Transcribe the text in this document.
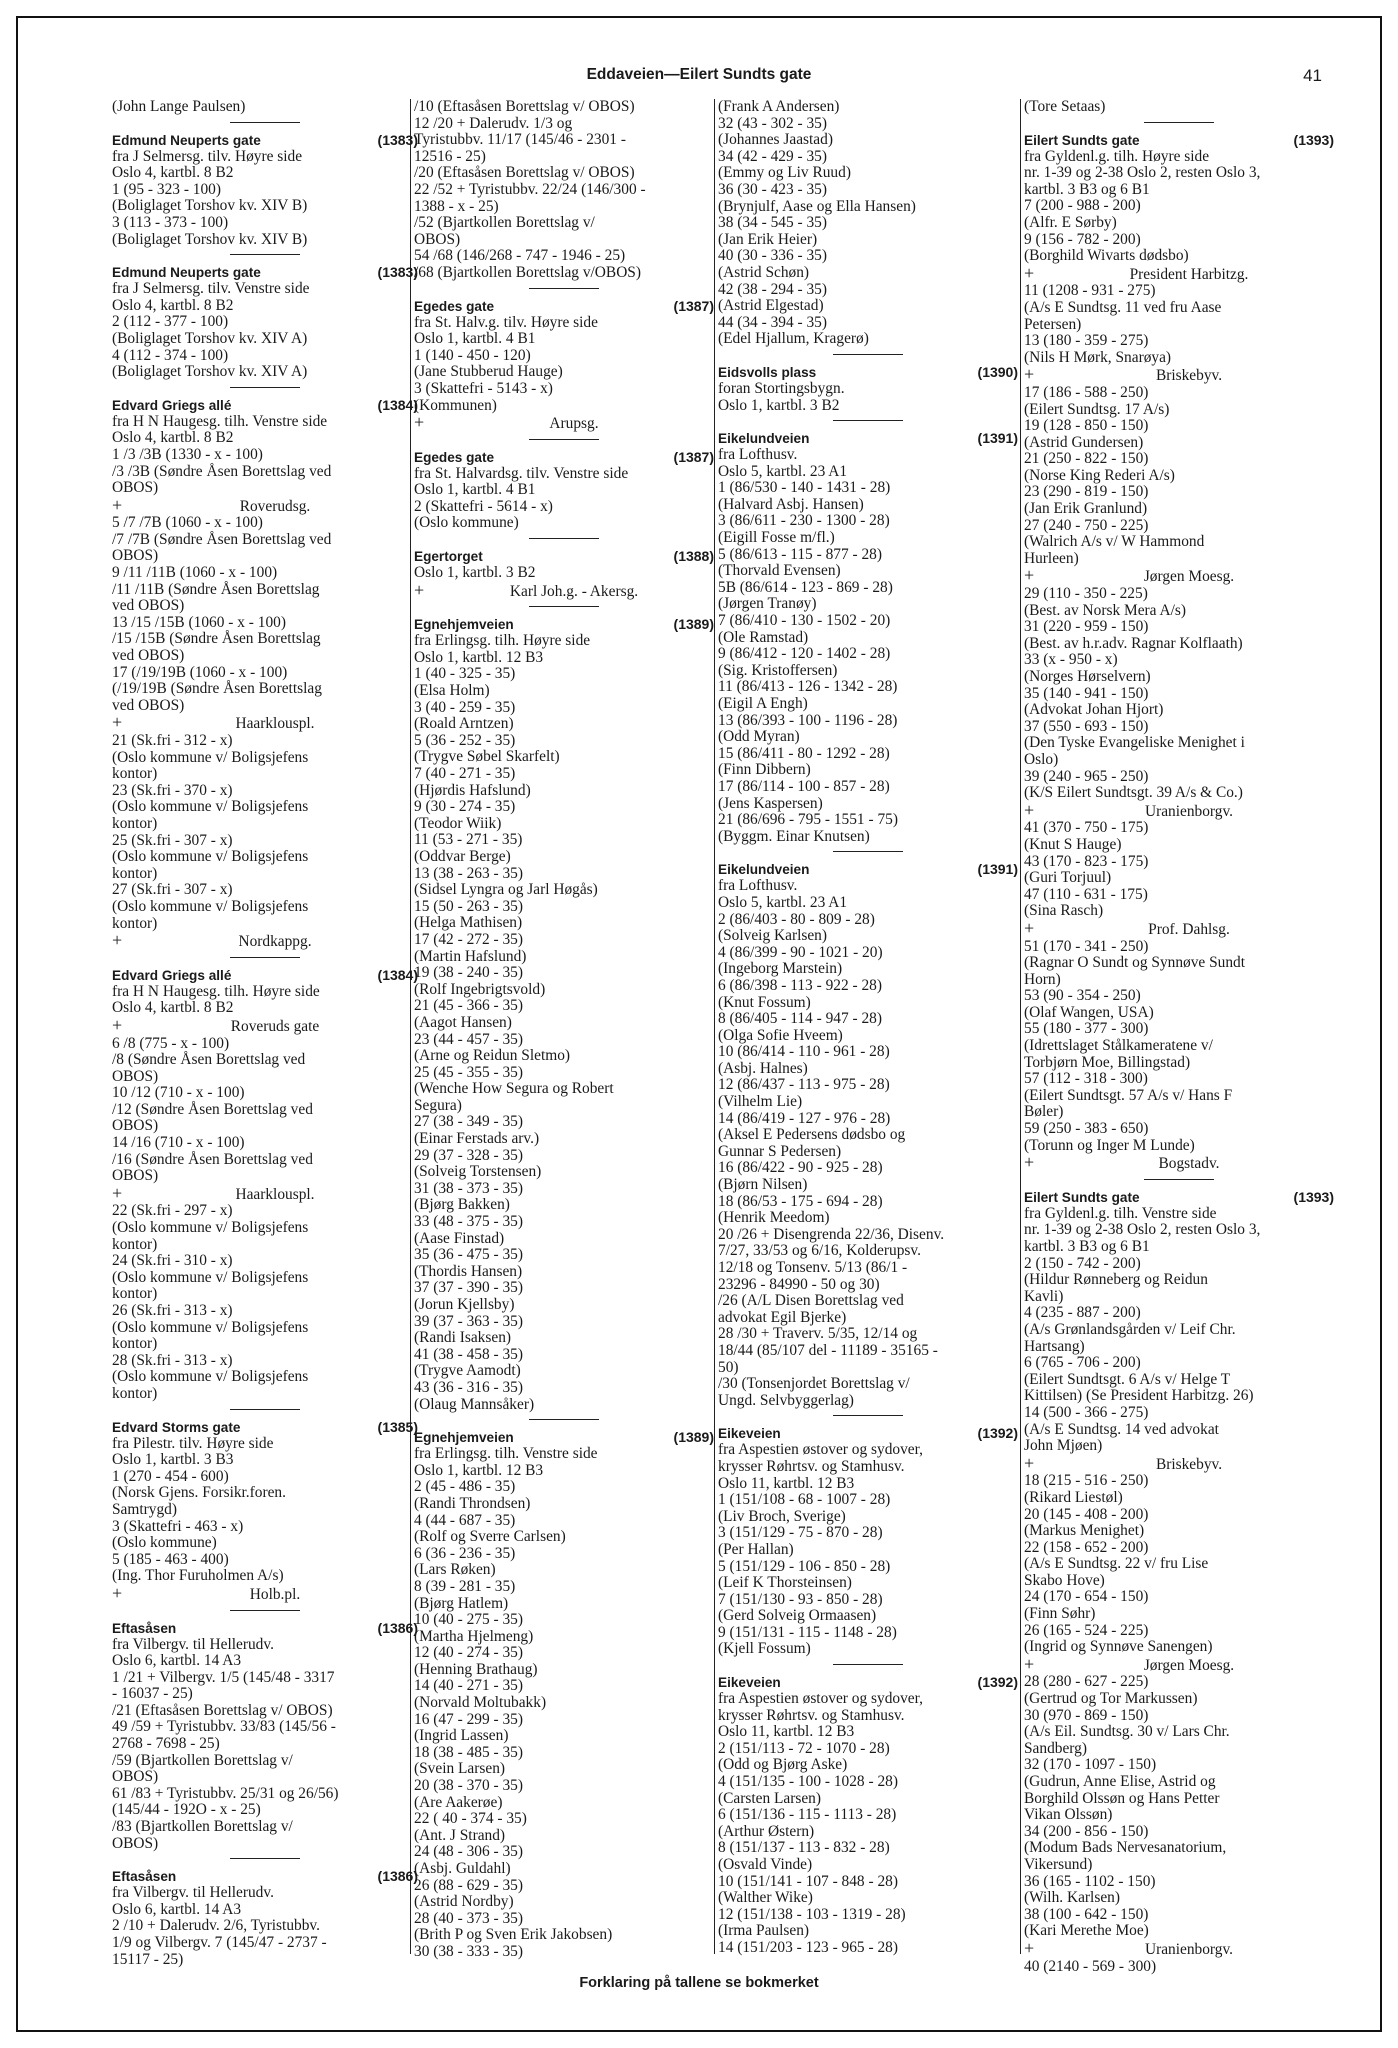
Eddaveien—Eilert Sundts gate	41
(John Lange Paulsen)
Edmund Neuperts gate	(1383)
fra J Selmersg. tilv. Høyre side
Oslo 4, kartbl. 8 B2
1 (95 - 323 - 100)
(Boliglaget Torshov kv. XIV B)
3 (113 - 373 - 100)
(Boliglaget Torshov kv. XIV B)
Edmund Neuperts gate	(1383)
fra J Selmersg. tilv. Venstre side
Oslo 4, kartbl. 8 B2
2 (112 - 377 - 100)
(Boliglaget Torshov kv. XIV A)
4 (112 - 374 - 100)
(Boliglaget Torshov kv. XIV A)
Edvard Griegs allé	(1384)
fra H N Haugesg. tilh. Venstre side
Oslo 4, kartbl. 8 B2
1 /3 /3B (1330 - x - 100)
/3 /3B (Søndre Åsen Borettslag ved
OBOS)
+	Roverudsg.
5 /7 /7B (1060 - x - 100)
/7 /7B (Søndre Åsen Borettslag ved
OBOS)
9 /11 /11B (1060 - x - 100)
/11 /11B (Søndre Åsen Borettslag
ved OBOS)
13 /15 /15B (1060 - x - 100)
/15 /15B (Søndre Åsen Borettslag
ved OBOS)
17 (/19/19B (1060 - x - 100)
(/19/19B (Søndre Åsen Borettslag
ved OBOS)
+	Haarklouspl.
21 (Sk.fri - 312 - x)
(Oslo kommune v/ Boligsjefens
kontor)
23 (Sk.fri - 370 - x)
(Oslo kommune v/ Boligsjefens
kontor)
25 (Sk.fri - 307 - x)
(Oslo kommune v/ Boligsjefens
kontor)
27 (Sk.fri - 307 - x)
(Oslo kommune v/ Boligsjefens
kontor)
+	Nordkappg.
Edvard Griegs allé	(1384)
fra H N Haugesg. tilh. Høyre side
Oslo 4, kartbl. 8 B2
+	Roveruds gate
6 /8 (775 - x - 100)
/8 (Søndre Åsen Borettslag ved
OBOS)
10 /12 (710 - x - 100)
/12 (Søndre Åsen Borettslag ved
OBOS)
14 /16 (710 - x - 100)
/16 (Søndre Åsen Borettslag ved
OBOS)
+	Haarklouspl.
22 (Sk.fri - 297 - x)
(Oslo kommune v/ Boligsjefens
kontor)
24 (Sk.fri - 310 - x)
(Oslo kommune v/ Boligsjefens
kontor)
26 (Sk.fri - 313 - x)
(Oslo kommune v/ Boligsjefens
kontor)
28 (Sk.fri - 313 - x)
(Oslo kommune v/ Boligsjefens
kontor)
Edvard Storms gate	(1385)
fra Pilestr. tilv. Høyre side
Oslo 1, kartbl. 3 B3
1 (270 - 454 - 600)
(Norsk Gjens. Forsikr.foren.
Samtrygd)
3 (Skattefri - 463 - x)
(Oslo kommune)
5 (185 - 463 - 400)
(Ing. Thor Furuholmen A/s)
+	Holb.pl.
Eftasåsen	(1386)
fra Vilbergv. til Hellerudv.
Oslo 6, kartbl. 14 A3
1 /21 + Vilbergv. 1/5 (145/48 - 3317
- 16037 - 25)
/21 (Eftasåsen Borettslag v/ OBOS)
49 /59 + Tyristubbv. 33/83 (145/56 -
2768 - 7698 - 25)
/59 (Bjartkollen Borettslag v/
OBOS)
61 /83 + Tyristubbv. 25/31 og 26/56)
(145/44 - 192O - x - 25)
/83 (Bjartkollen Borettslag v/
OBOS)
Eftasåsen	(1386)
fra Vilbergv. til Hellerudv.
Oslo 6, kartbl. 14 A3
2 /10 + Dalerudv. 2/6, Tyristubbv.
1/9 og Vilbergv. 7 (145/47 - 2737 -
15117 - 25)
/10 (Eftasåsen Borettslag v/ OBOS)
12 /20 + Dalerudv. 1/3 og
Tyristubbv. 11/17 (145/46 - 2301 -
12516 - 25)
/20 (Eftasåsen Borettslag v/ OBOS)
22 /52 + Tyristubbv. 22/24 (146/300 -
1388 - x - 25)
/52 (Bjartkollen Borettslag v/
OBOS)
54 /68 (146/268 - 747 - 1946 - 25)
/68 (Bjartkollen Borettslag v/OBOS)
Egedes gate	(1387)
fra St. Halv.g. tilv. Høyre side
Oslo 1, kartbl. 4 B1
1 (140 - 450 - 120)
(Jane Stubberud Hauge)
3 (Skattefri - 5143 - x)
(Kommunen)
+	Arupsg.
Egedes gate	(1387)
fra St. Halvardsg. tilv. Venstre side
Oslo 1, kartbl. 4 B1
2 (Skattefri - 5614 - x)
(Oslo kommune)
Egertorget	(1388)
Oslo 1, kartbl. 3 B2
+	Karl Joh.g. - Akersg.
Egnehjemveien	(1389)
fra Erlingsg. tilh. Høyre side
Oslo 1, kartbl. 12 B3
1 (40 - 325 - 35)
(Elsa Holm)
3 (40 - 259 - 35)
(Roald Arntzen)
5 (36 - 252 - 35)
(Trygve Søbel Skarfelt)
7 (40 - 271 - 35)
(Hjørdis Hafslund)
9 (30 - 274 - 35)
(Teodor Wiik)
11 (53 - 271 - 35)
(Oddvar Berge)
13 (38 - 263 - 35)
(Sidsel Lyngra og Jarl Høgås)
15 (50 - 263 - 35)
(Helga Mathisen)
17 (42 - 272 - 35)
(Martin Hafslund)
19 (38 - 240 - 35)
(Rolf Ingebrigtsvold)
21 (45 - 366 - 35)
(Aagot Hansen)
23 (44 - 457 - 35)
(Arne og Reidun Sletmo)
25 (45 - 355 - 35)
(Wenche How Segura og Robert
Segura)
27 (38 - 349 - 35)
(Einar Ferstads arv.)
29 (37 - 328 - 35)
(Solveig Torstensen)
31 (38 - 373 - 35)
(Bjørg Bakken)
33 (48 - 375 - 35)
(Aase Finstad)
35 (36 - 475 - 35)
(Thordis Hansen)
37 (37 - 390 - 35)
(Jorun Kjellsby)
39 (37 - 363 - 35)
(Randi Isaksen)
41 (38 - 458 - 35)
(Trygve Aamodt)
43 (36 - 316 - 35)
(Olaug Mannsåker)
Egnehjemveien	(1389)
fra Erlingsg. tilh. Venstre side
Oslo 1, kartbl. 12 B3
2 (45 - 486 - 35)
(Randi Throndsen)
4 (44 - 687 - 35)
(Rolf og Sverre Carlsen)
6 (36 - 236 - 35)
(Lars Røken)
8 (39 - 281 - 35)
(Bjørg Hatlem)
10 (40 - 275 - 35)
(Martha Hjelmeng)
12 (40 - 274 - 35)
(Henning Brathaug)
14 (40 - 271 - 35)
(Norvald Moltubakk)
16 (47 - 299 - 35)
(Ingrid Lassen)
18 (38 - 485 - 35)
(Svein Larsen)
20 (38 - 370 - 35)
(Are Aakerøe)
22 ( 40 - 374 - 35)
(Ant. J Strand)
24 (48 - 306 - 35)
(Asbj. Guldahl)
26 (88 - 629 - 35)
(Astrid Nordby)
28 (40 - 373 - 35)
(Brith P og Sven Erik Jakobsen)
30 (38 - 333 - 35)
(Frank A Andersen)
32 (43 - 302 - 35)
(Johannes Jaastad)
34 (42 - 429 - 35)
(Emmy og Liv Ruud)
36 (30 - 423 - 35)
(Brynjulf, Aase og Ella Hansen)
38 (34 - 545 - 35)
(Jan Erik Heier)
40 (30 - 336 - 35)
(Astrid Schøn)
42 (38 - 294 - 35)
(Astrid Elgestad)
44 (34 - 394 - 35)
(Edel Hjallum, Kragerø)
Eidsvolls plass	(1390)
foran Stortingsbygn.
Oslo 1, kartbl. 3 B2
Eikelundveien	(1391)
fra Lofthusv.
Oslo 5, kartbl. 23 A1
1 (86/530 - 140 - 1431 - 28)
(Halvard Asbj. Hansen)
3 (86/611 - 230 - 1300 - 28)
(Eigill Fosse m/fl.)
5 (86/613 - 115 - 877 - 28)
(Thorvald Evensen)
5B (86/614 - 123 - 869 - 28)
(Jørgen Tranøy)
7 (86/410 - 130 - 1502 - 20)
(Ole Ramstad)
9 (86/412 - 120 - 1402 - 28)
(Sig. Kristoffersen)
11 (86/413 - 126 - 1342 - 28)
(Eigil A Engh)
13 (86/393 - 100 - 1196 - 28)
(Odd Myran)
15 (86/411 - 80 - 1292 - 28)
(Finn Dibbern)
17 (86/114 - 100 - 857 - 28)
(Jens Kaspersen)
21 (86/696 - 795 - 1551 - 75)
(Byggm. Einar Knutsen)
Eikelundveien	(1391)
fra Lofthusv.
Oslo 5, kartbl. 23 A1
2 (86/403 - 80 - 809 - 28)
(Solveig Karlsen)
4 (86/399 - 90 - 1021 - 20)
(Ingeborg Marstein)
6 (86/398 - 113 - 922 - 28)
(Knut Fossum)
8 (86/405 - 114 - 947 - 28)
(Olga Sofie Hveem)
10 (86/414 - 110 - 961 - 28)
(Asbj. Halnes)
12 (86/437 - 113 - 975 - 28)
(Vilhelm Lie)
14 (86/419 - 127 - 976 - 28)
(Aksel E Pedersens dødsbo og
Gunnar S Pedersen)
16 (86/422 - 90 - 925 - 28)
(Bjørn Nilsen)
18 (86/53 - 175 - 694 - 28)
(Henrik Meedom)
20 /26 + Disengrenda 22/36, Disenv.
7/27, 33/53 og 6/16, Kolderupsv.
12/18 og Tonsenv. 5/13 (86/1 -
23296 - 84990 - 50 og 30)
/26 (A/L Disen Borettslag ved
advokat Egil Bjerke)
28 /30 + Traverv. 5/35, 12/14 og
18/44 (85/107 del - 11189 - 35165 -
50)
/30 (Tonsenjordet Borettslag v/
Ungd. Selvbyggerlag)
Eikeveien	(1392)
fra Aspestien østover og sydover,
krysser Røhrtsv. og Stamhusv.
Oslo 11, kartbl. 12 B3
1 (151/108 - 68 - 1007 - 28)
(Liv Broch, Sverige)
3 (151/129 - 75 - 870 - 28)
(Per Hallan)
5 (151/129 - 106 - 850 - 28)
(Leif K Thorsteinsen)
7 (151/130 - 93 - 850 - 28)
(Gerd Solveig Ormaasen)
9 (151/131 - 115 - 1148 - 28)
(Kjell Fossum)
Eikeveien	(1392)
fra Aspestien østover og sydover,
krysser Røhrtsv. og Stamhusv.
Oslo 11, kartbl. 12 B3
2 (151/113 - 72 - 1070 - 28)
(Odd og Bjørg Aske)
4 (151/135 - 100 - 1028 - 28)
(Carsten Larsen)
6 (151/136 - 115 - 1113 - 28)
(Arthur Østern)
8 (151/137 - 113 - 832 - 28)
(Osvald Vinde)
10 (151/141 - 107 - 848 - 28)
(Walther Wike)
12 (151/138 - 103 - 1319 - 28)
(Irma Paulsen)
14 (151/203 - 123 - 965 - 28)
(Tore Setaas)
Eilert Sundts gate	(1393)
fra Gyldenl.g. tilh. Høyre side
nr. 1-39 og 2-38 Oslo 2, resten Oslo 3,
kartbl. 3 B3 og 6 B1
7 (200 - 988 - 200)
(Alfr. E Sørby)
9 (156 - 782 - 200)
(Borghild Wivarts dødsbo)
+	President Harbitzg.
11 (1208 - 931 - 275)
(A/s E Sundtsg. 11 ved fru Aase
Petersen)
13 (180 - 359 - 275)
(Nils H Mørk, Snarøya)
+	Briskebyv.
17 (186 - 588 - 250)
(Eilert Sundtsg. 17 A/s)
19 (128 - 850 - 150)
(Astrid Gundersen)
21 (250 - 822 - 150)
(Norse King Rederi A/s)
23 (290 - 819 - 150)
(Jan Erik Granlund)
27 (240 - 750 - 225)
(Walrich A/s v/ W Hammond
Hurleen)
+	Jørgen Moesg.
29 (110 - 350 - 225)
(Best. av Norsk Mera A/s)
31 (220 - 959 - 150)
(Best. av h.r.adv. Ragnar Kolflaath)
33 (x - 950 - x)
(Norges Hørselvern)
35 (140 - 941 - 150)
(Advokat Johan Hjort)
37 (550 - 693 - 150)
(Den Tyske Evangeliske Menighet i
Oslo)
39 (240 - 965 - 250)
(K/S Eilert Sundtsgt. 39 A/s & Co.)
+	Uranienborgv.
41 (370 - 750 - 175)
(Knut S Hauge)
43 (170 - 823 - 175)
(Guri Torjuul)
47 (110 - 631 - 175)
(Sina Rasch)
+	Prof. Dahlsg.
51 (170 - 341 - 250)
(Ragnar O Sundt og Synnøve Sundt
Horn)
53 (90 - 354 - 250)
(Olaf Wangen, USA)
55 (180 - 377 - 300)
(Idrettslaget Stålkameratene v/
Torbjørn Moe, Billingstad)
57 (112 - 318 - 300)
(Eilert Sundtsgt. 57 A/s v/ Hans F
Bøler)
59 (250 - 383 - 650)
(Torunn og Inger M Lunde)
+	Bogstadv.
Eilert Sundts gate	(1393)
fra Gyldenl.g. tilh. Venstre side
nr. 1-39 og 2-38 Oslo 2, resten Oslo 3,
kartbl. 3 B3 og 6 B1
2 (150 - 742 - 200)
(Hildur Rønneberg og Reidun
Kavli)
4 (235 - 887 - 200)
(A/s Grønlandsgården v/ Leif Chr.
Hartsang)
6 (765 - 706 - 200)
(Eilert Sundtsgt. 6 A/s v/ Helge T
Kittilsen) (Se President Harbitzg. 26)
14 (500 - 366 - 275)
(A/s E Sundtsg. 14 ved advokat
John Mjøen)
+	Briskebyv.
18 (215 - 516 - 250)
(Rikard Liestøl)
20 (145 - 408 - 200)
(Markus Menighet)
22 (158 - 652 - 200)
(A/s E Sundtsg. 22 v/ fru Lise
Skabo Hove)
24 (170 - 654 - 150)
(Finn Søhr)
26 (165 - 524 - 225)
(Ingrid og Synnøve Sanengen)
+	Jørgen Moesg.
28 (280 - 627 - 225)
(Gertrud og Tor Markussen)
30 (970 - 869 - 150)
(A/s Eil. Sundtsg. 30 v/ Lars Chr.
Sandberg)
32 (170 - 1097 - 150)
(Gudrun, Anne Elise, Astrid og
Borghild Olssøn og Hans Petter
Vikan Olssøn)
34 (200 - 856 - 150)
(Modum Bads Nervesanatorium,
Vikersund)
36 (165 - 1102 - 150)
(Wilh. Karlsen)
38 (100 - 642 - 150)
(Kari Merethe Moe)
+	Uranienborgv.
40 (2140 - 569 - 300)
Forklaring på tallene se bokmerket
